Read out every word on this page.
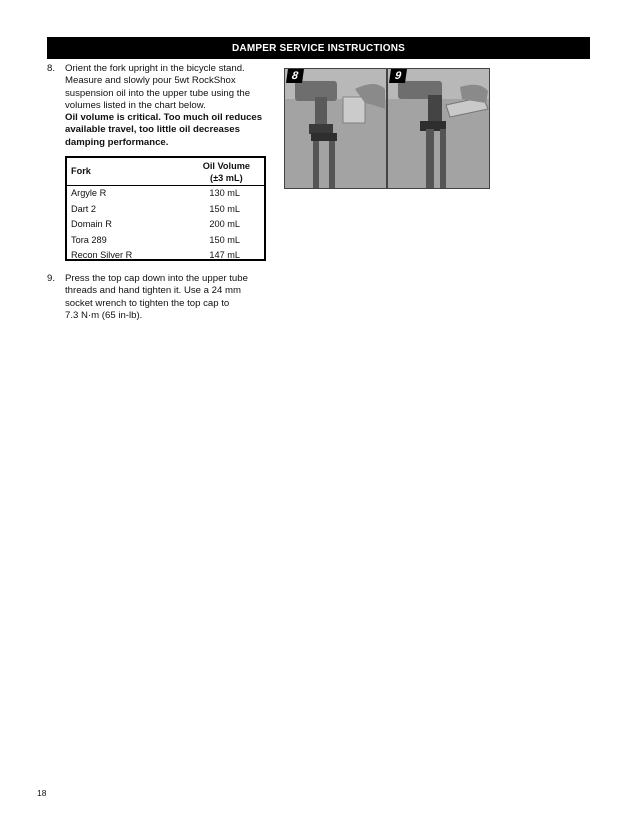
DAMPER SERVICE INSTRUCTIONS
8. Orient the fork upright in the bicycle stand.
Measure and slowly pour 5wt RockShox
suspension oil into the upper tube using the
volumes listed in the chart below.
Oil volume is critical. Too much oil reduces
available travel, too little oil decreases
damping performance.
Fork	Oil Volume
(±3 mL)
Argyle R	130 mL
Dart 2	150 mL
Domain R	200 mL
Tora 289	150 mL
Recon Silver R	147 mL
9. Press the top cap down into the upper tube
threads and hand tighten it. Use a 24 mm
socket wrench to tighten the top cap to
7.3 N·m (65 in-lb).
8	9
18
